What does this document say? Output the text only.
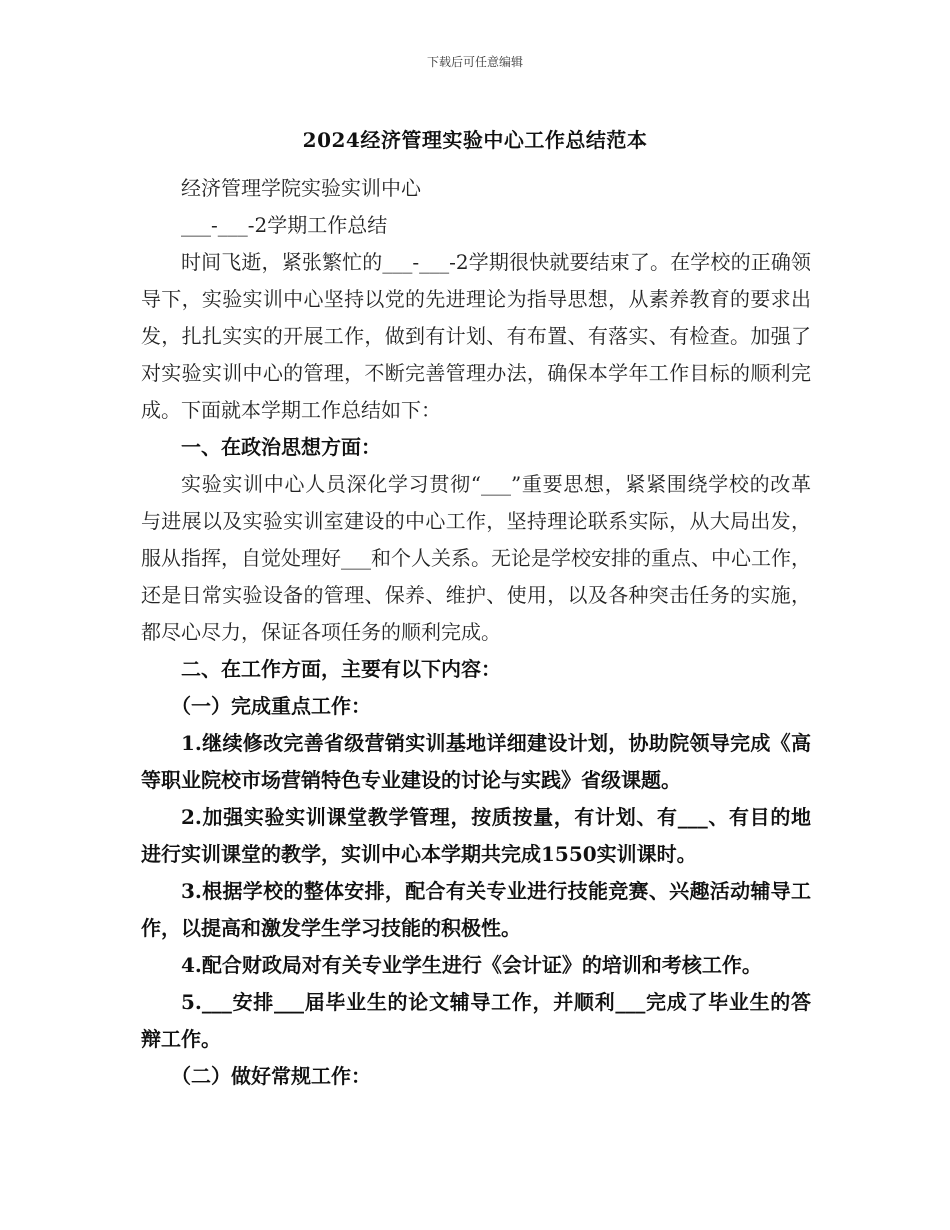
下载后可任意编辑
2024经济管理实验中心工作总结范本

经济管理学院实验实训中心

___-___-2学期工作总结

时间飞逝，紧张繁忙的___-___-2学期很快就要结束了。在学校的正确领导下，实验实训中心坚持以党的先进理论为指导思想，从素养教育的要求出发，扎扎实实的开展工作，做到有计划、有布置、有落实、有检查。加强了对实验实训中心的管理，不断完善管理办法，确保本学年工作目标的顺利完成。下面就本学期工作总结如下：

一、在政治思想方面：

实验实训中心人员深化学习贯彻“___”重要思想，紧紧围绕学校的改革与进展以及实验实训室建设的中心工作，坚持理论联系实际，从大局出发，服从指挥，自觉处理好___和个人关系。无论是学校安排的重点、中心工作，还是日常实验设备的管理、保养、维护、使用，以及各种突击任务的实施，都尽心尽力，保证各项任务的顺利完成。

二、在工作方面，主要有以下内容：

（一）完成重点工作：

1.继续修改完善省级营销实训基地详细建设计划，协助院领导完成《高等职业院校市场营销特色专业建设的讨论与实践》省级课题。

2.加强实验实训课堂教学管理，按质按量，有计划、有___、有目的地进行实训课堂的教学，实训中心本学期共完成1550实训课时。

3.根据学校的整体安排，配合有关专业进行技能竞赛、兴趣活动辅导工作，以提高和激发学生学习技能的积极性。

4.配合财政局对有关专业学生进行《会计证》的培训和考核工作。

5.___安排___届毕业生的论文辅导工作，并顺利___完成了毕业生的答辩工作。

（二）做好常规工作：
